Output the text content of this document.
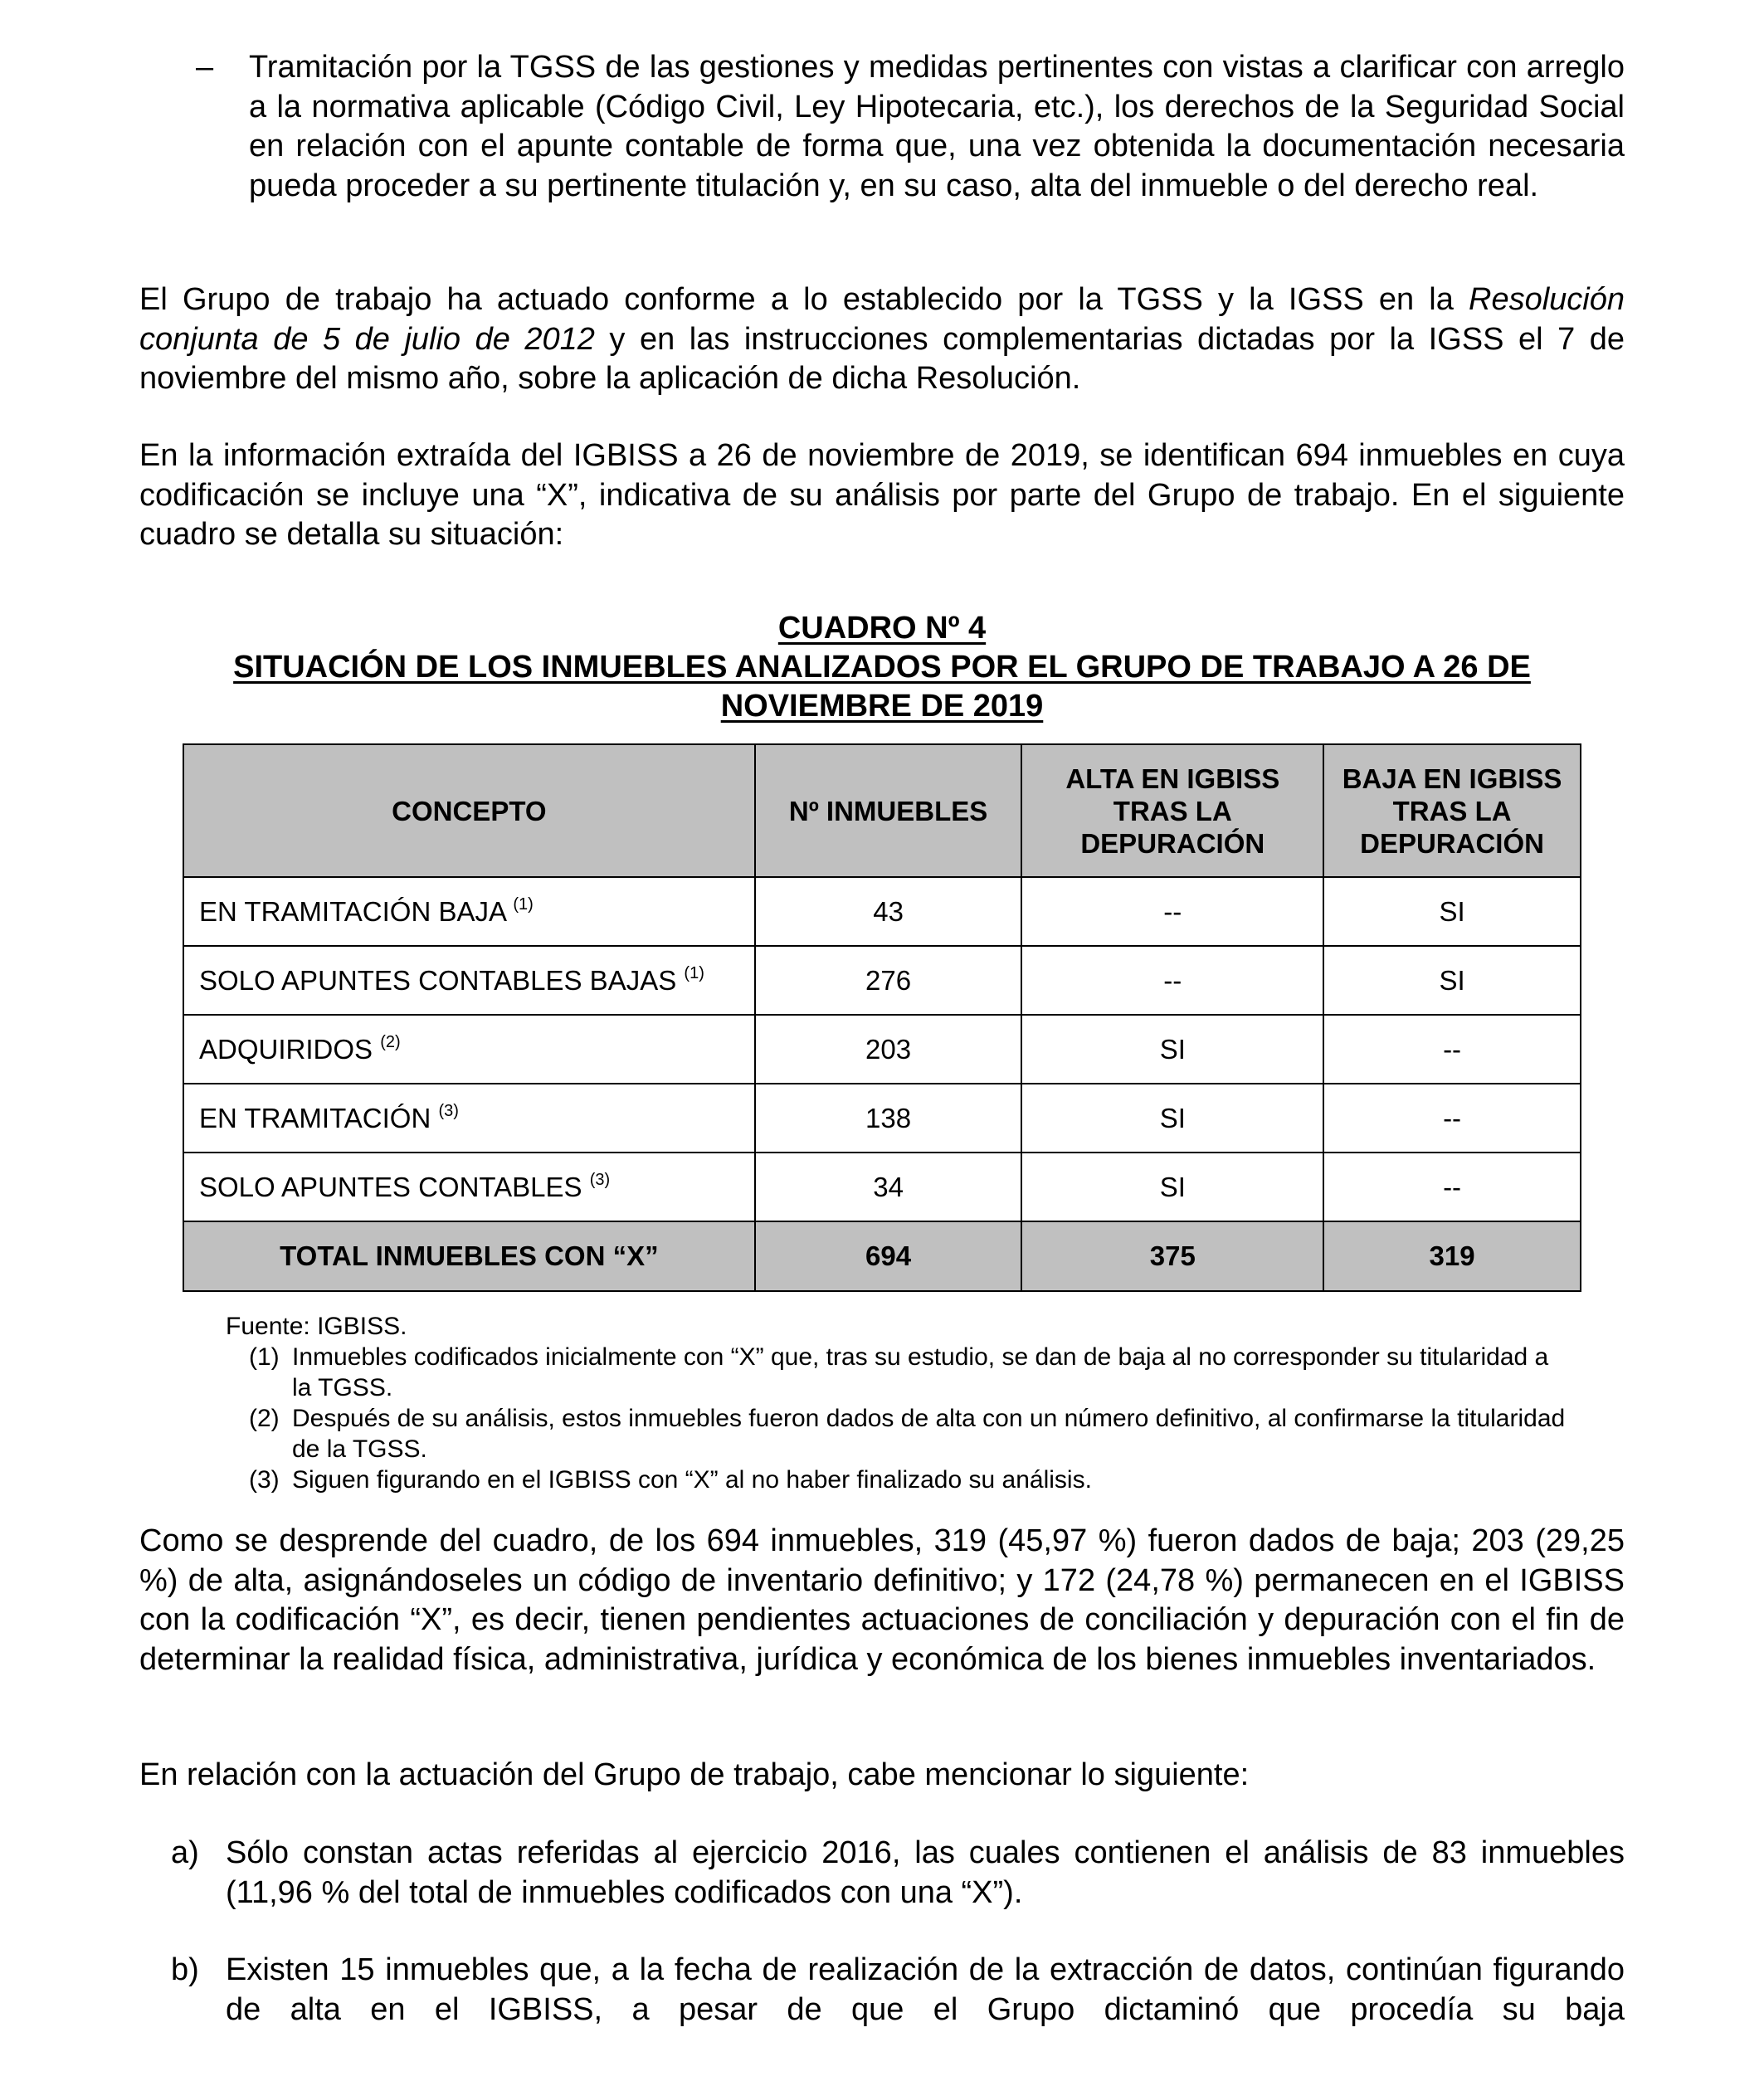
– Tramitación por la TGSS de las gestiones y medidas pertinentes con vistas a clarificar con arreglo a la normativa aplicable (Código Civil, Ley Hipotecaria, etc.), los derechos de la Seguridad Social en relación con el apunte contable de forma que, una vez obtenida la documentación necesaria pueda proceder a su pertinente titulación y, en su caso, alta del inmueble o del derecho real.

El Grupo de trabajo ha actuado conforme a lo establecido por la TGSS y la IGSS en la Resolución conjunta de 5 de julio de 2012 y en las instrucciones complementarias dictadas por la IGSS el 7 de noviembre del mismo año, sobre la aplicación de dicha Resolución.

En la información extraída del IGBISS a 26 de noviembre de 2019, se identifican 694 inmuebles en cuya codificación se incluye una “X”, indicativa de su análisis por parte del Grupo de trabajo. En el siguiente cuadro se detalla su situación:

CUADRO Nº 4
SITUACIÓN DE LOS INMUEBLES ANALIZADOS POR EL GRUPO DE TRABAJO A 26 DE NOVIEMBRE DE 2019
CONCEPTO	Nº INMUEBLES	ALTA EN IGBISS TRAS LA DEPURACIÓN	BAJA EN IGBISS TRAS LA DEPURACIÓN
EN TRAMITACIÓN BAJA $^{(1)}$	43	--	SI
SOLO APUNTES CONTABLES BAJAS $^{(1)}$	276	--	SI
ADQUIRIDOS $^{(2)}$	203	SI	--
EN TRAMITACIÓN $^{(3)}$	138	SI	--
SOLO APUNTES CONTABLES $^{(3)}$	34	SI	--
TOTAL INMUEBLES CON “X”	694	375	319

Fuente: IGBISS.

(1) Inmuebles codificados inicialmente con “X” que, tras su estudio, se dan de baja al no corresponder su titularidad a la TGSS.

(2) Después de su análisis, estos inmuebles fueron dados de alta con un número definitivo, al confirmarse la titularidad de la TGSS.

(3) Siguen figurando en el IGBISS con “X” al no haber finalizado su análisis.

Como se desprende del cuadro, de los 694 inmuebles, 319 (45,97 %) fueron dados de baja; 203 (29,25 %) de alta, asignándoseles un código de inventario definitivo; y 172 (24,78 %) permanecen en el IGBISS con la codificación “X”, es decir, tienen pendientes actuaciones de conciliación y depuración con el fin de determinar la realidad física, administrativa, jurídica y económica de los bienes inmuebles inventariados.

En relación con la actuación del Grupo de trabajo, cabe mencionar lo siguiente:

a) Sólo constan actas referidas al ejercicio 2016, las cuales contienen el análisis de 83 inmuebles (11,96 % del total de inmuebles codificados con una “X”).

b) Existen 15 inmuebles que, a la fecha de realización de la extracción de datos, continúan figurando de alta en el IGBISS, a pesar de que el Grupo dictaminó que procedía su baja
